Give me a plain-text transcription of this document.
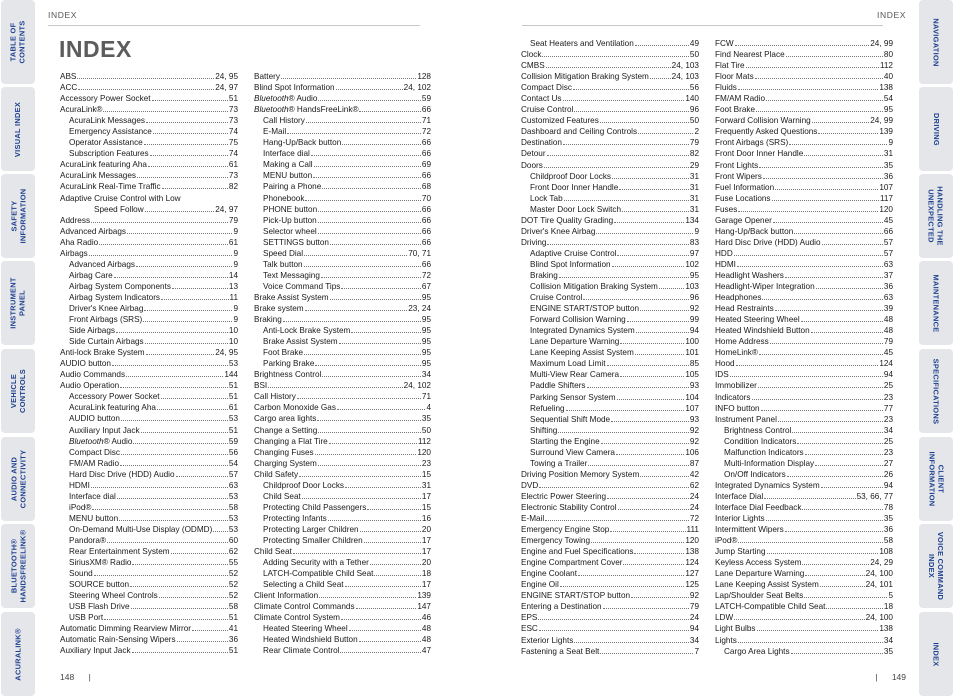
TABLE OF
CONTENTS
VISUAL INDEX
SAFETY
INFORMATION
INSTRUMENT
PANEL
VEHICLE
CONTROLS
AUDIO AND
CONNECTIVITY
BLUETOOTH®
HANDSFREELINK®
ACURALINK®
INDEX
INDEX
ABS	24, 95
ACC	24, 97
Accessory Power Socket	51
AcuraLink®	73
AcuraLink Messages	73
Emergency Assistance	74
Operator Assistance	75
Subscription Features	74
AcuraLink featuring Aha	61
AcuraLink Messages	73
AcuraLink Real-Time Traffic	82
Adaptive Cruise Control with Low
Speed Follow	24, 97
Address	79
Advanced Airbags	9
Aha Radio	61
Airbags	9
Advanced Airbags	9
Airbag Care	14
Airbag System Components	13
Airbag System Indicators	11
Driver's Knee Airbag	9
Front Airbags (SRS)	9
Side Airbags	10
Side Curtain Airbags	10
Anti-lock Brake System	24, 95
AUDIO button	53
Audio Commands	144
Audio Operation	51
Accessory Power Socket	51
AcuraLink featuring Aha	61
AUDIO button	53
Auxiliary Input Jack	51
Bluetooth® Audio	59
Compact Disc	56
FM/AM Radio	54
Hard Disc Drive (HDD) Audio	57
HDMI	63
Interface dial	53
iPod®	58
MENU button	53
On-Demand Multi-Use Display (ODMD) 53
Pandora®	60
Rear Entertainment System	62
SiriusXM® Radio	55
Sound	52
SOURCE button	52
Steering Wheel Controls	52
USB Flash Drive	58
USB Port	51
Automatic Dimming Rearview Mirror	41
Automatic Rain-Sensing Wipers	36
Auxiliary Input Jack	51
Battery	128
Blind Spot Information	24, 102
Bluetooth® Audio	59
Bluetooth® HandsFreeLink®	66
Call History	71
E-Mail	72
Hang-Up/Back button	66
Interface dial	66
Making a Call	69
MENU button	66
Pairing a Phone	68
Phonebook	70
PHONE button	66
Pick-Up button	66
Selector wheel	66
SETTINGS button	66
Speed Dial	70, 71
Talk button	66
Text Messaging	72
Voice Command Tips	67
Brake Assist System	95
Brake system	23, 24
Braking	95
Anti-Lock Brake System	95
Brake Assist System	95
Foot Brake	95
Parking Brake	95
Brightness Control	34
BSI	24, 102
Call History	71
Carbon Monoxide Gas	4
Cargo area lights	35
Change a Setting	50
Changing a Flat Tire	112
Changing Fuses	120
Charging System	23
Child Safety	15
Childproof Door Locks	31
Child Seat	17
Protecting Child Passengers	15
Protecting Infants	16
Protecting Larger Children	20
Protecting Smaller Children	17
Child Seat	17
Adding Security with a Tether	20
LATCH-Compatible Child Seat	18
Selecting a Child Seat	17
Client Information	139
Climate Control Commands	147
Climate Control System	46
Heated Steering Wheel	48
Heated Windshield Button	48
Rear Climate Control	47
148 |
NAVIGATION
DRIVING
HANDLING THE
UNEXPECTED
MAINTENANCE
SPECIFICATIONS
CLIENT
INFORMATION
VOICE COMMAND
INDEX
INDEX
INDEX
Seat Heaters and Ventilation	49
Clock	50
CMBS	24, 103
Collision Mitigation Braking System	24, 103
Compact Disc	56
Contact Us	140
Cruise Control	96
Customized Features	50
Dashboard and Ceiling Controls	2
Destination	79
Detour	82
Doors	29
Childproof Door Locks	31
Front Door Inner Handle	31
Lock Tab	31
Master Door Lock Switch	31
DOT Tire Quality Grading	134
Driver's Knee Airbag	9
Driving	83
Adaptive Cruise Control	97
Blind Spot Information	102
Braking	95
Collision Mitigation Braking System	103
Cruise Control	96
ENGINE START/STOP button	92
Forward Collision Warning	99
Integrated Dynamics System	94
Lane Departure Warning	100
Lane Keeping Assist System	101
Maximum Load Limit	85
Multi-View Rear Camera	105
Paddle Shifters	93
Parking Sensor System	104
Refueling	107
Sequential Shift Mode	93
Shifting	92
Starting the Engine	92
Surround View Camera	106
Towing a Trailer	87
Driving Position Memory System	42
DVD	62
Electric Power Steering	24
Electronic Stability Control	24
E-Mail	72
Emergency Engine Stop	111
Emergency Towing	120
Engine and Fuel Specifications	138
Engine Compartment Cover	124
Engine Coolant	127
Engine Oil	125
ENGINE START/STOP button	92
Entering a Destination	79
EPS	24
ESC	94
Exterior Lights	34
Fastening a Seat Belt	7
FCW	24, 99
Find Nearest Place	80
Flat Tire	112
Floor Mats	40
Fluids	138
FM/AM Radio	54
Foot Brake	95
Forward Collision Warning	24, 99
Frequently Asked Questions	139
Front Airbags (SRS)	9
Front Door Inner Handle	31
Front Lights	35
Front Wipers	36
Fuel Information	107
Fuse Locations	117
Fuses	120
Garage Opener	45
Hang-Up/Back button	66
Hard Disc Drive (HDD) Audio	57
HDD	57
HDMI	63
Headlight Washers	37
Headlight-Wiper Integration	36
Headphones	63
Head Restraints	39
Heated Steering Wheel	48
Heated Windshield Button	48
Home Address	79
HomeLink®	45
Hood	124
IDS	94
Immobilizer	25
Indicators	23
INFO button	77
Instrument Panel	23
Brightness Control	34
Condition Indicators	25
Malfunction Indicators	23
Multi-Information Display	27
On/Off Indicators	26
Integrated Dynamics System	94
Interface Dial	53, 66, 77
Interface Dial Feedback	78
Interior Lights	35
Intermittent Wipers	36
iPod®	58
Jump Starting	108
Keyless Access System	24, 29
Lane Departure Warning	24, 100
Lane Keeping Assist System	24, 101
Lap/Shoulder Seat Belts	5
LATCH-Compatible Child Seat	18
LDW	24, 100
Light Bulbs	138
Lights	34
Cargo Area Lights	35
| 149
